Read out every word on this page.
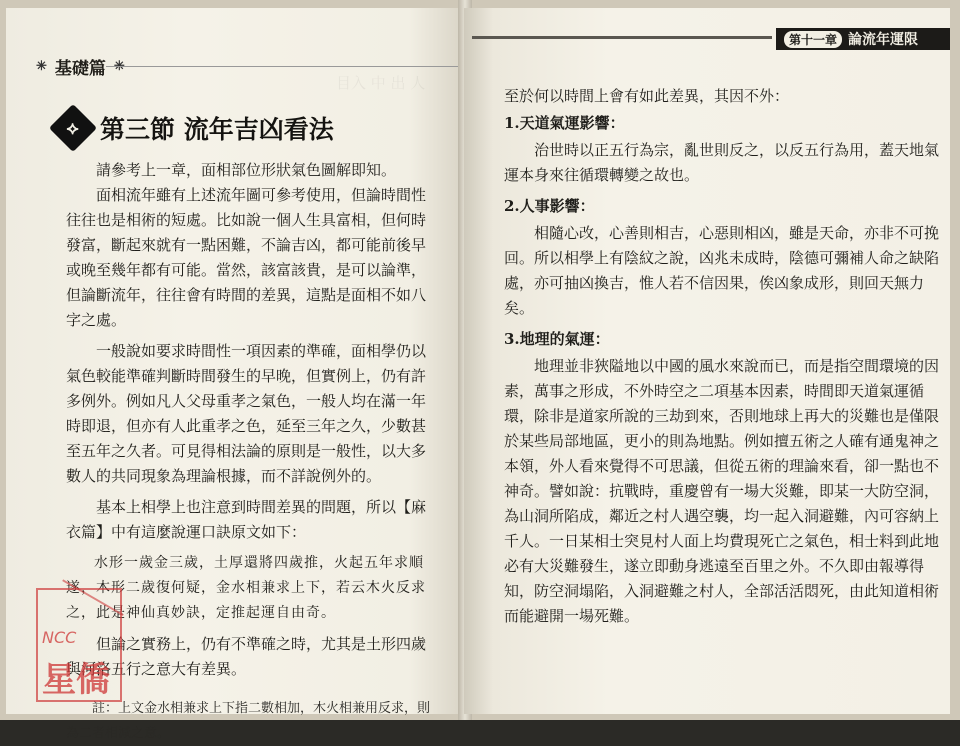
目入 中 出 人
✳ 基礎篇
⟡ 第三節 流年吉凶看法

請參考上一章，面相部位形狀氣色圖解即知。

面相流年雖有上述流年圖可參考使用，但論時間性往往也是相術的短處。比如說一個人生具富相，但何時發富，斷起來就有一點困難，不論吉凶，都可能前後早或晚至幾年都有可能。當然，該富該貴，是可以論準，但論斷流年，往往會有時間的差異，這點是面相不如八字之處。

一般說如要求時間性一項因素的準確，面相學仍以氣色較能準確判斷時間發生的早晚，但實例上，仍有許多例外。例如凡人父母重孝之氣色，一般人均在滿一年時即退，但亦有人此重孝之色，延至三年之久，少數甚至五年之久者。可見得相法論的原則是一般性，以大多數人的共同現象為理論根據，而不詳說例外的。

基本上相學上也注意到時間差異的問題，所以【麻衣篇】中有這麼說運口訣原文如下：

水形一歲金三歲，土厚還將四歲推，火起五年求順遂，木形二歲復何疑，金水相兼求上下，若云木火反求之，此是神仙真妙訣，定推起運自由奇。

但論之實務上，仍有不準確之時，尤其是土形四歲與河洛五行之意大有差異。

註：上文金水相兼求上下指二數相加，木火相兼用反求，則為二者相減之意。

NCC
星僑
第十一章 論流年運限

至於何以時間上會有如此差異，其因不外：

1.天道氣運影響：

治世時以正五行為宗，亂世則反之，以反五行為用，蓋天地氣運本身來往循環轉變之故也。

2.人事影響：

相隨心改，心善則相吉，心惡則相凶，雖是天命，亦非不可挽回。所以相學上有陰紋之說，凶兆未成時，陰德可彌補人命之缺陷處，亦可抽凶換吉，惟人若不信因果，俟凶象成形，則回天無力矣。

3.地理的氣運：

地理並非狹隘地以中國的風水來說而已，而是指空間環境的因素，萬事之形成，不外時空之二項基本因素，時間即天道氣運循環，除非是道家所說的三劫到來，否則地球上再大的災難也是僅限於某些局部地區，更小的則為地點。例如擅五術之人確有通鬼神之本領，外人看來覺得不可思議，但從五術的理論來看，卻一點也不神奇。譬如說：抗戰時，重慶曾有一場大災難，即某一大防空洞，為山洞所陷成，鄰近之村人遇空襲，均一起入洞避難，內可容納上千人。一日某相士突見村人面上均費現死亡之氣色，相士料到此地必有大災難發生，遂立即動身逃遠至百里之外。不久即由報導得知，防空洞塌陷，入洞避難之村人，全部活活悶死，由此知道相術而能避開一場死難。
